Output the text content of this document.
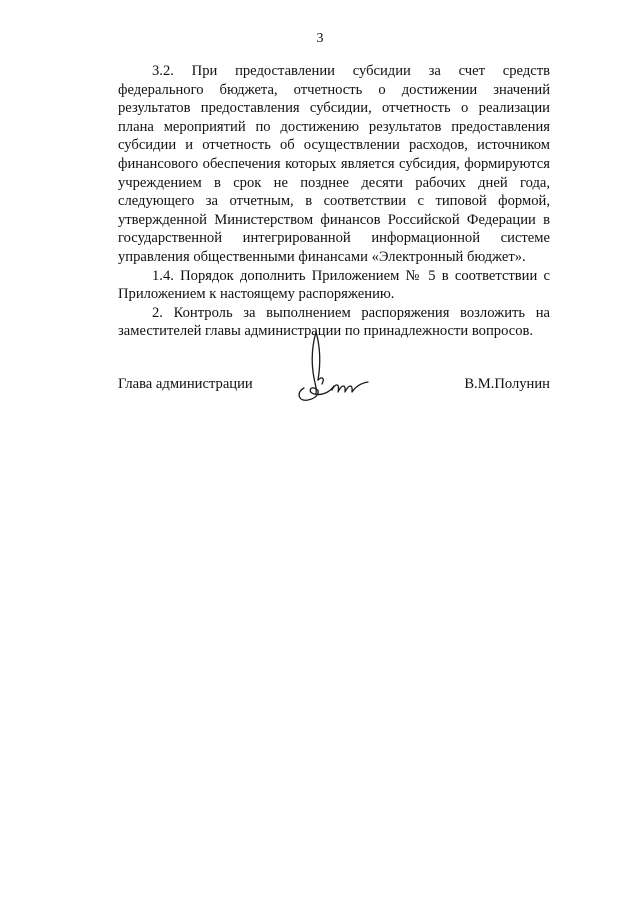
3

3.2. При предоставлении субсидии за счет средств федерального бюджета, отчетность о достижении значений результатов предоставления субсидии, отчетность о реализации плана мероприятий по достижению результатов предоставления субсидии и отчетность об осуществлении расходов, источником финансового обеспечения которых является субсидия, формируются учреждением в срок не позднее десяти рабочих дней года, следующего за отчетным, в соответствии с типовой формой, утвержденной Министерством финансов Российской Федерации в государственной интегрированной информационной системе управления общественными финансами «Электронный бюджет».

1.4. Порядок дополнить Приложением № 5 в соответствии с Приложением к настоящему распоряжению.

2. Контроль за выполнением распоряжения возложить на заместителей главы администрации по принадлежности вопросов.

Глава администрации	В.М.Полунин
